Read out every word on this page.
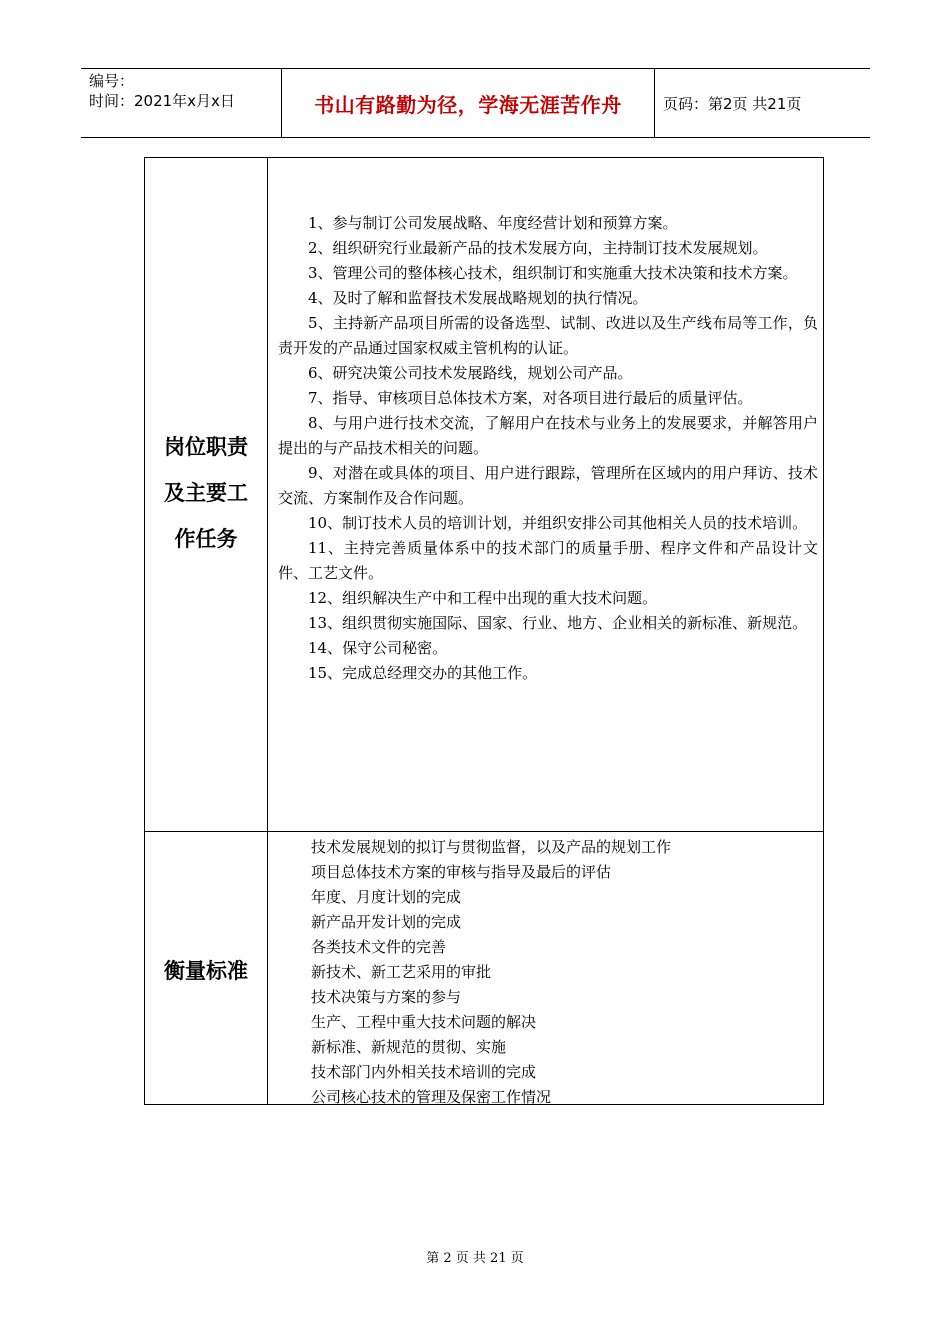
编号：
时间：2021年x月x日	书山有路勤为径，学海无涯苦作舟	页码：第2页 共21页
岗位职责
及主要工
作任务

1、参与制订公司发展战略、年度经营计划和预算方案。

2、组织研究行业最新产品的技术发展方向，主持制订技术发展规划。

3、管理公司的整体核心技术，组织制订和实施重大技术决策和技术方案。

4、及时了解和监督技术发展战略规划的执行情况。

5、主持新产品项目所需的设备选型、试制、改进以及生产线布局等工作，负责开发的产品通过国家权威主管机构的认证。

6、研究决策公司技术发展路线，规划公司产品。

7、指导、审核项目总体技术方案，对各项目进行最后的质量评估。

8、与用户进行技术交流，了解用户在技术与业务上的发展要求，并解答用户提出的与产品技术相关的问题。

9、对潜在或具体的项目、用户进行跟踪，管理所在区域内的用户拜访、技术交流、方案制作及合作问题。

10、制订技术人员的培训计划，并组织安排公司其他相关人员的技术培训。

11、主持完善质量体系中的技术部门的质量手册、程序文件和产品设计文件、工艺文件。

12、组织解决生产中和工程中出现的重大技术问题。

13、组织贯彻实施国际、国家、行业、地方、企业相关的新标准、新规范。

14、保守公司秘密。

15、完成总经理交办的其他工作。

衡量标准

技术发展规划的拟订与贯彻监督，以及产品的规划工作

项目总体技术方案的审核与指导及最后的评估

年度、月度计划的完成

新产品开发计划的完成

各类技术文件的完善

新技术、新工艺采用的审批

技术决策与方案的参与

生产、工程中重大技术问题的解决

新标准、新规范的贯彻、实施

技术部门内外相关技术培训的完成

公司核心技术的管理及保密工作情况

第 2 页 共 21 页
